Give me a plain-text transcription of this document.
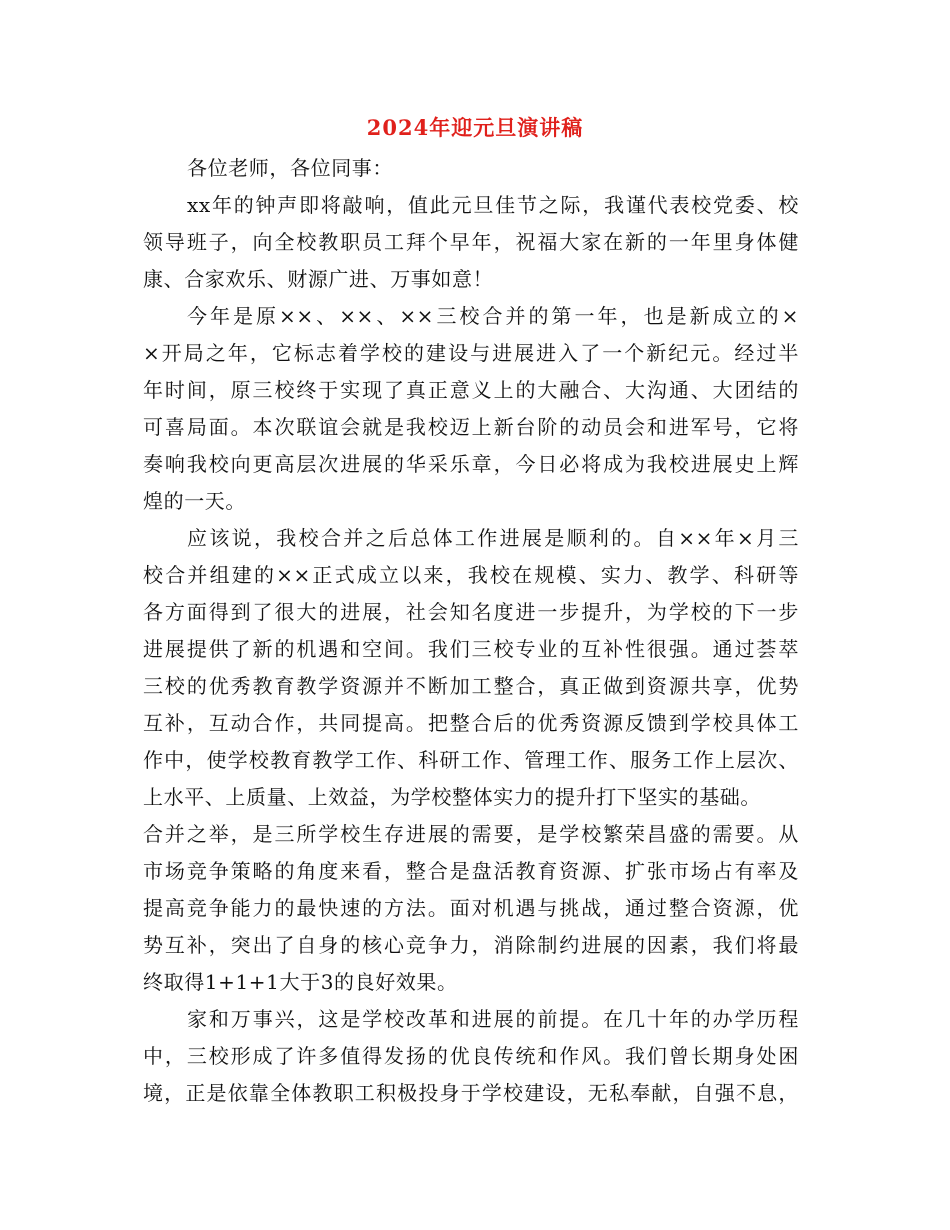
2024年迎元旦演讲稿
各位老师，各位同事：
xx年的钟声即将敲响，值此元旦佳节之际，我谨代表校党委、校
领导班子，向全校教职员工拜个早年，祝福大家在新的一年里身体健
康、合家欢乐、财源广进、万事如意！
今年是原××、××、××三校合并的第一年，也是新成立的×
×开局之年，它标志着学校的建设与进展进入了一个新纪元。经过半
年时间，原三校终于实现了真正意义上的大融合、大沟通、大团结的
可喜局面。本次联谊会就是我校迈上新台阶的动员会和进军号，它将
奏响我校向更高层次进展的华采乐章，今日必将成为我校进展史上辉
煌的一天。
应该说，我校合并之后总体工作进展是顺利的。自××年×月三
校合并组建的××正式成立以来，我校在规模、实力、教学、科研等
各方面得到了很大的进展，社会知名度进一步提升，为学校的下一步
进展提供了新的机遇和空间。我们三校专业的互补性很强。通过荟萃
三校的优秀教育教学资源并不断加工整合，真正做到资源共享，优势
互补，互动合作，共同提高。把整合后的优秀资源反馈到学校具体工
作中，使学校教育教学工作、科研工作、管理工作、服务工作上层次、
上水平、上质量、上效益，为学校整体实力的提升打下坚实的基础。
合并之举，是三所学校生存进展的需要，是学校繁荣昌盛的需要。从
市场竞争策略的角度来看，整合是盘活教育资源、扩张市场占有率及
提高竞争能力的最快速的方法。面对机遇与挑战，通过整合资源，优
势互补，突出了自身的核心竞争力，消除制约进展的因素，我们将最
终取得1+1+1大于3的良好效果。
家和万事兴，这是学校改革和进展的前提。在几十年的办学历程
中，三校形成了许多值得发扬的优良传统和作风。我们曾长期身处困
境，正是依靠全体教职工积极投身于学校建设，无私奉献，自强不息，
